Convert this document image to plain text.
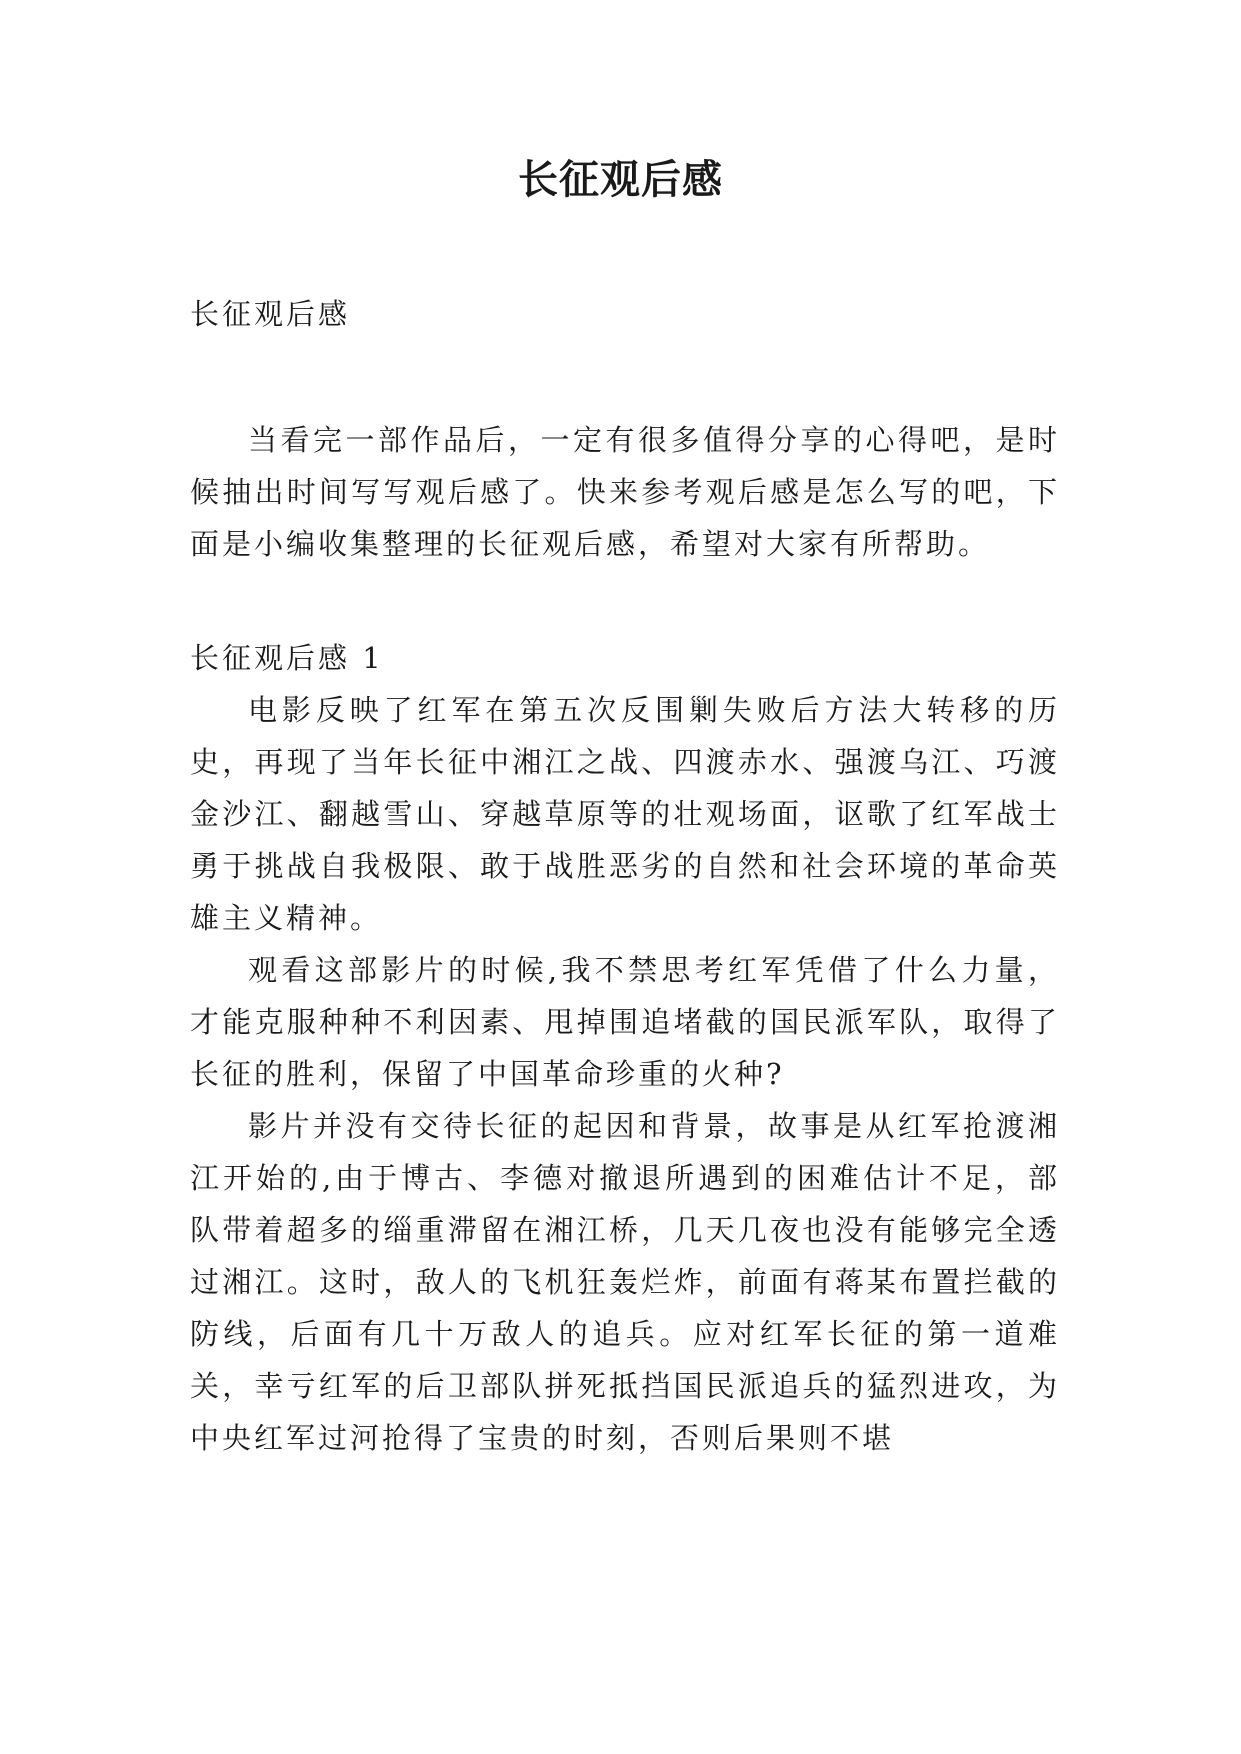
长征观后感
长征观后感
当看完一部作品后，一定有很多值得分享的心得吧，是时候抽出时间写写观后感了。快来参考观后感是怎么写的吧，下面是小编收集整理的长征观后感，希望对大家有所帮助。
长征观后感 1

电影反映了红军在第五次反围剿失败后方法大转移的历史，再现了当年长征中湘江之战、四渡赤水、强渡乌江、巧渡金沙江、翻越雪山、穿越草原等的壮观场面，讴歌了红军战士勇于挑战自我极限、敢于战胜恶劣的自然和社会环境的革命英雄主义精神。

观看这部影片的时候,我不禁思考红军凭借了什么力量，才能克服种种不利因素、甩掉围追堵截的国民派军队，取得了长征的胜利，保留了中国革命珍重的火种?

影片并没有交待长征的起因和背景，故事是从红军抢渡湘江开始的,由于博古、李德对撤退所遇到的困难估计不足，部队带着超多的缁重滞留在湘江桥，几天几夜也没有能够完全透过湘江。这时，敌人的飞机狂轰烂炸，前面有蒋某布置拦截的防线，后面有几十万敌人的追兵。应对红军长征的第一道难关，幸亏红军的后卫部队拼死抵挡国民派追兵的猛烈进攻，为中央红军过河抢得了宝贵的时刻，否则后果则不堪
